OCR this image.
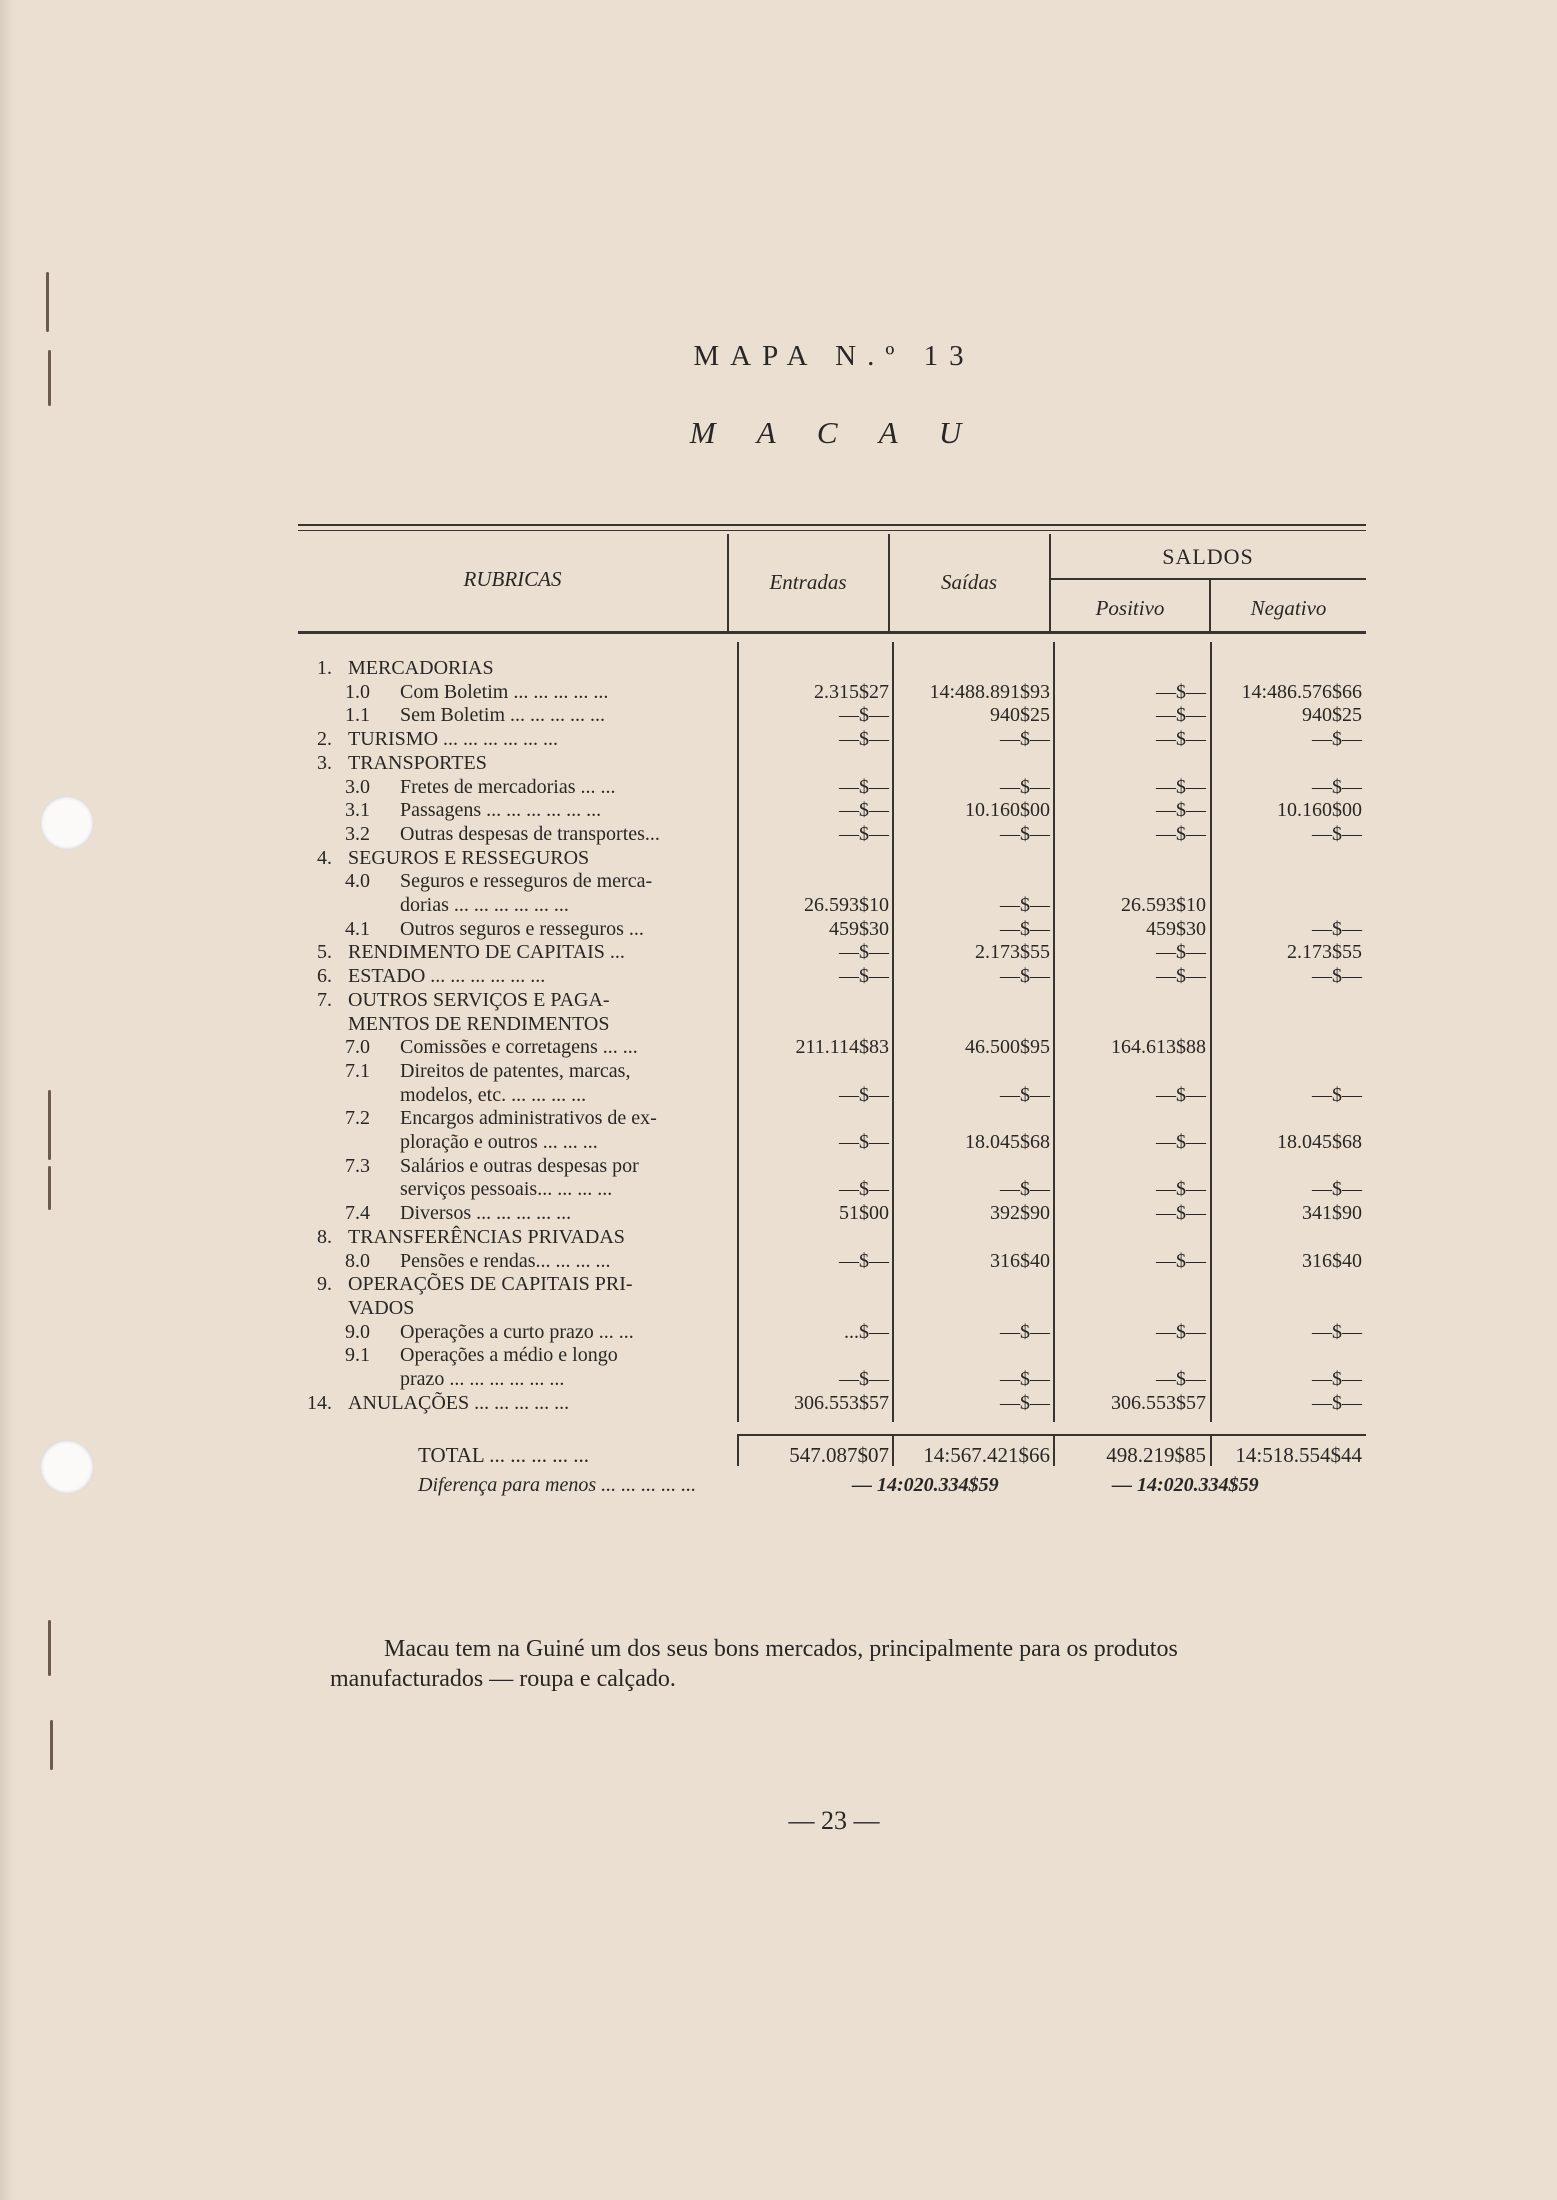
MAPA N.º 13
M A C A U
RUBRICAS	Entradas	Saídas
SALDOS
Positivo	Negativo
1. MERCADORIAS
1.0 Com Boletim ... ... ... ... ...	2.315$27	14:488.891$93	—$—	14:486.576$66
1.1 Sem Boletim ... ... ... ... ...	—$—	940$25	—$—	940$25
2. TURISMO ... ... ... ... ... ...	—$—	—$—	—$—	—$—
3. TRANSPORTES
3.0 Fretes de mercadorias ... ...	—$—	—$—	—$—	—$—
3.1 Passagens ... ... ... ... ... ...	—$—	10.160$00	—$—	10.160$00
3.2 Outras despesas de transportes...	—$—	—$—	—$—	—$—
4. SEGUROS E RESSEGUROS
4.0 Seguros e resseguros de merca-
dorias ... ... ... ... ... ...	26.593$10	—$—	26.593$10
4.1 Outros seguros e resseguros ...	459$30	—$—	459$30	—$—
5. RENDIMENTO DE CAPITAIS ...	—$—	2.173$55	—$—	2.173$55
6. ESTADO ... ... ... ... ... ...	—$—	—$—	—$—	—$—
7. OUTROS SERVIÇOS E PAGA-
MENTOS DE RENDIMENTOS
7.0 Comissões e corretagens ... ...	211.114$83	46.500$95	164.613$88
7.1 Direitos de patentes, marcas,
modelos, etc. ... ... ... ...	—$—	—$—	—$—	—$—
7.2 Encargos administrativos de ex-
ploração e outros ... ... ...	—$—	18.045$68	—$—	18.045$68
7.3 Salários e outras despesas por
serviços pessoais... ... ... ...	—$—	—$—	—$—	—$—
7.4 Diversos ... ... ... ... ...	51$00	392$90	—$—	341$90
8. TRANSFERÊNCIAS PRIVADAS
8.0 Pensões e rendas... ... ... ...	—$—	316$40	—$—	316$40
9. OPERAÇÕES DE CAPITAIS PRI-
VADOS
9.0 Operações a curto prazo ... ...	...$—	—$—	—$—	—$—
9.1 Operações a médio e longo
prazo ... ... ... ... ... ...	—$—	—$—	—$—	—$—
14. ANULAÇÕES ... ... ... ... ...	306.553$57	—$—	306.553$57	—$—
TOTAL ... ... ... ... ...	547.087$07	14:567.421$66	498.219$85	14:518.554$44
Diferença para menos ... ... ... ... ...	— 14:020.334$59	— 14:020.334$59
Macau tem na Guiné um dos seus bons mercados, principalmente para os produtos manufacturados — roupa e calçado.
— 23 —
